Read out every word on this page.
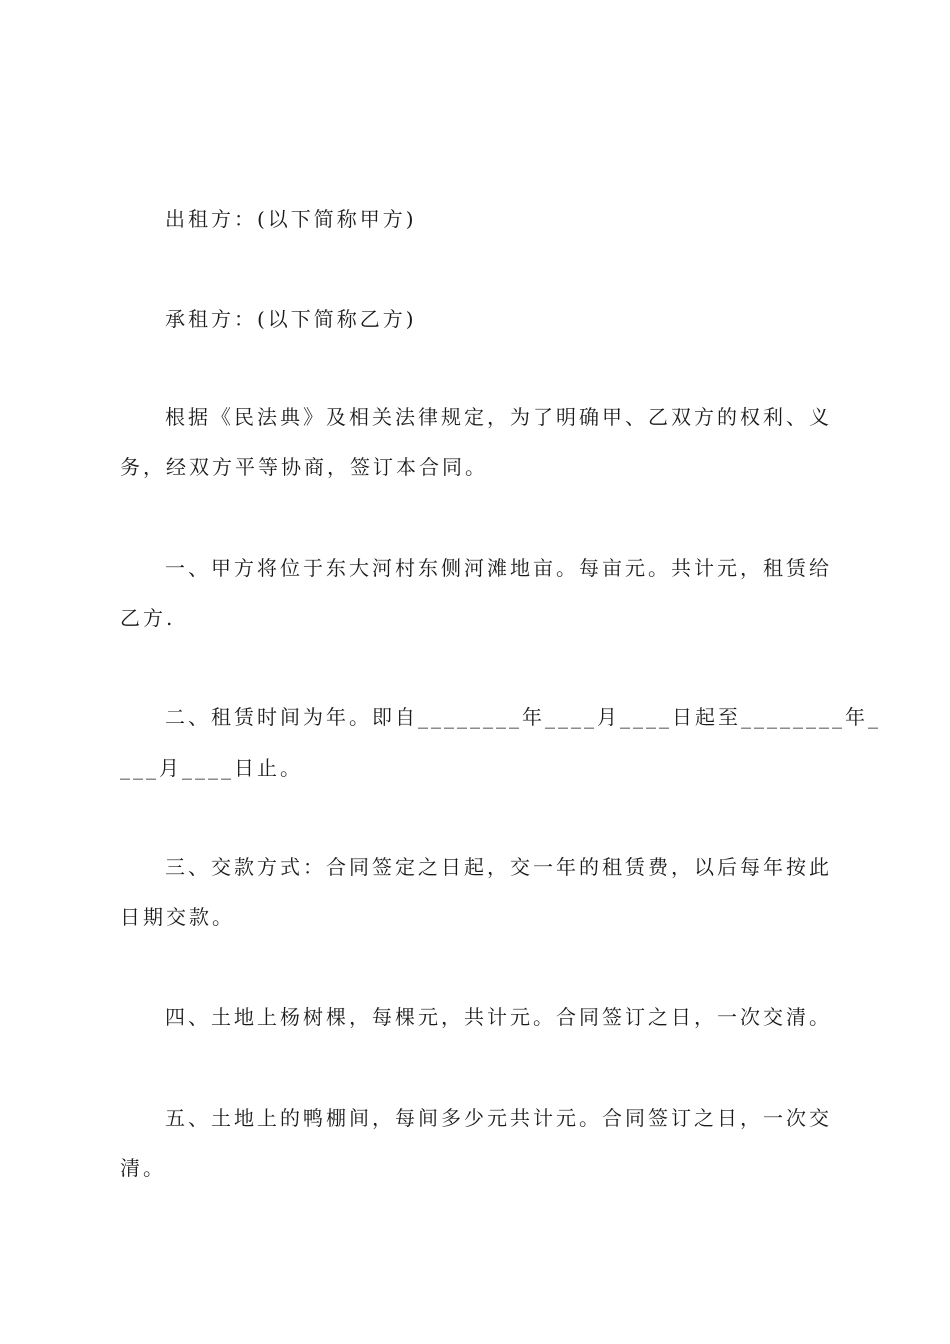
出租方：(以下简称甲方)
承租方：(以下简称乙方)
根据《民法典》及相关法律规定，为了明确甲、乙双方的权利、义
务，经双方平等协商，签订本合同。
一、甲方将位于东大河村东侧河滩地亩。每亩元。共计元，租赁给
乙方.
二、租赁时间为年。即自________年____月____日起至________年_
___月____日止。
三、交款方式：合同签定之日起，交一年的租赁费，以后每年按此
日期交款。
四、土地上杨树棵，每棵元，共计元。合同签订之日，一次交清。
五、土地上的鸭棚间，每间多少元共计元。合同签订之日，一次交
清。
